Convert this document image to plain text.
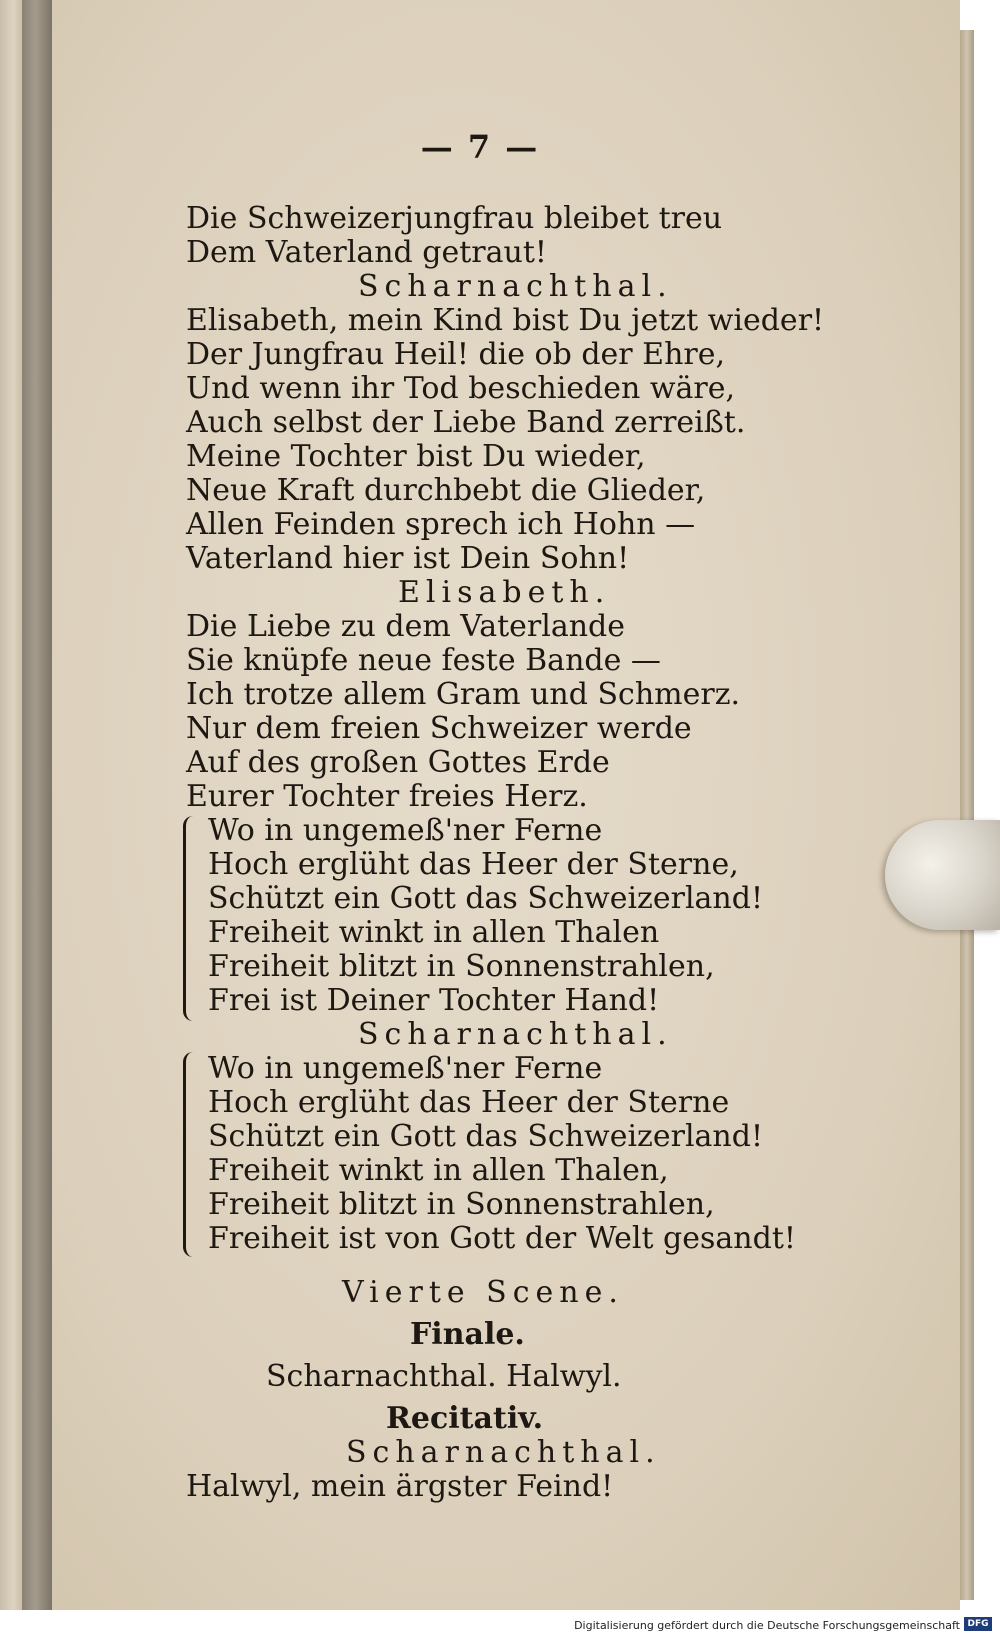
— 7 —
Die Schweizerjungfrau bleibet treu
Dem Vaterland getraut!
Scharnachthal.
Elisabeth, mein Kind bist Du jetzt wieder!
Der Jungfrau Heil! die ob der Ehre,
Und wenn ihr Tod beschieden wäre,
Auch selbst der Liebe Band zerreißt.
Meine Tochter bist Du wieder,
Neue Kraft durchbebt die Glieder,
Allen Feinden sprech ich Hohn —
Vaterland hier ist Dein Sohn!
Elisabeth.
Die Liebe zu dem Vaterlande
Sie knüpfe neue feste Bande —
Ich trotze allem Gram und Schmerz.
Nur dem freien Schweizer werde
Auf des großen Gottes Erde
Eurer Tochter freies Herz.
Wo in ungemeß'ner Ferne
Hoch erglüht das Heer der Sterne,
Schützt ein Gott das Schweizerland!
Freiheit winkt in allen Thalen
Freiheit blitzt in Sonnenstrahlen,
Frei ist Deiner Tochter Hand!
Scharnachthal.
Wo in ungemeß'ner Ferne
Hoch erglüht das Heer der Sterne
Schützt ein Gott das Schweizerland!
Freiheit winkt in allen Thalen,
Freiheit blitzt in Sonnenstrahlen,
Freiheit ist von Gott der Welt gesandt!
Vierte Scene.
Finale.
Scharnachthal. Halwyl.
Recitativ.
Scharnachthal.
Halwyl, mein ärgster Feind!
Digitalisierung gefördert durch die Deutsche Forschungsgemeinschaft DFG
